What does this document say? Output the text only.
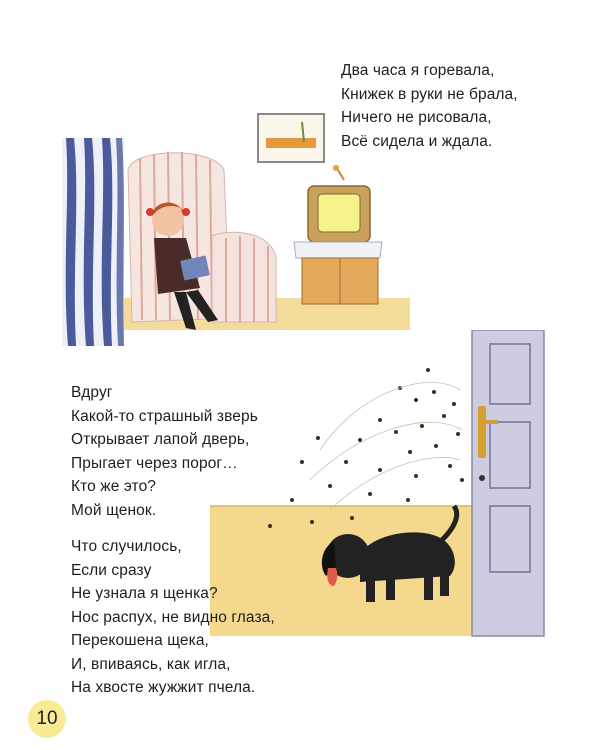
Два часа я горевала,
Книжек в руки не брала,
Ничего не рисовала,
Всё сидела и ждала.
Вдруг
Какой-то страшный зверь
Открывает лапой дверь,
Прыгает через порог…
Кто же это?
Мой щенок.
Что случилось,
Если сразу
Не узнала я щенка?
Нос распух, не видно глаза,
Перекошена щека,
И, впиваясь, как игла,
На хвосте жужжит пчела.
10
